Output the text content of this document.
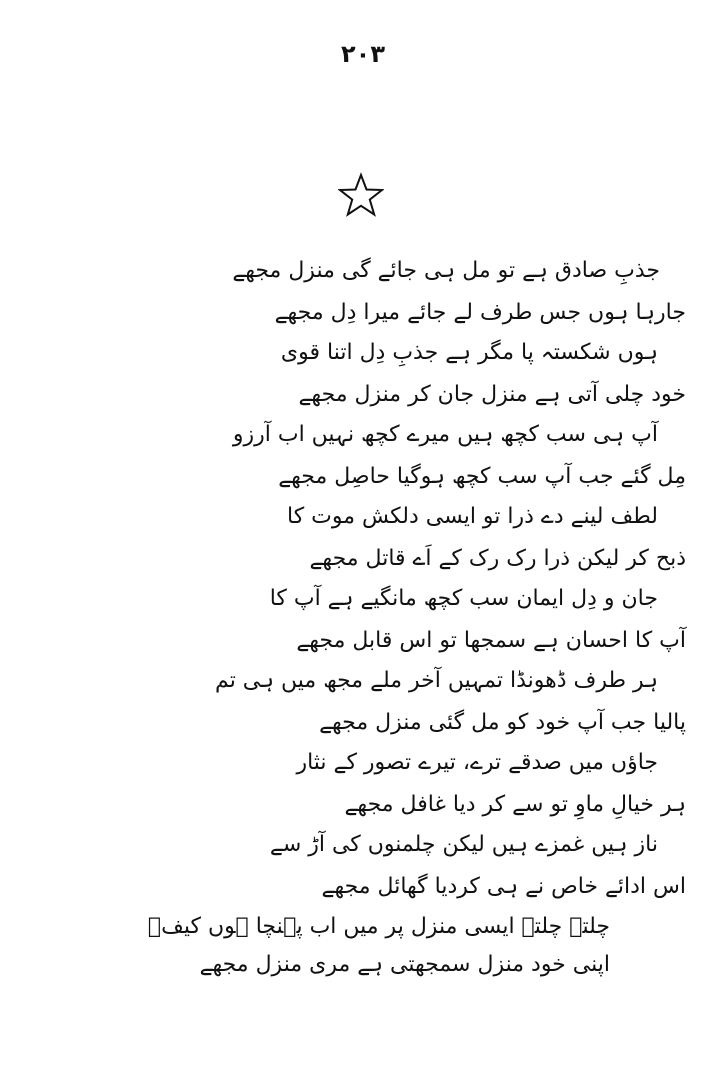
۲۰۳
جذبِ صادق ہے تو مل ہی جائے گی منزل مجھے
جارہا ہوں جس طرف لے جائے میرا دِل مجھے
ہوں شکستہ پا مگر ہے جذبِ دِل اتنا قوی
خود چلی آتی ہے منزل جان کر منزل مجھے
آپ ہی سب کچھ ہیں میرے کچھ نہیں اب آرزو
مِل گئے جب آپ سب کچھ ہوگیا حاصِل مجھے
لطف لینے دے ذرا تو ایسی دلکش موت کا
ذبح کر لیکن ذرا رک رک کے اَے قاتل مجھے
جان و دِل ایمان سب کچھ مانگیے ہے آپ کا
آپ کا احسان ہے سمجھا تو اس قابل مجھے
ہر طرف ڈھونڈا تمہیں آخر ملے مجھ میں ہی تم
پالیا جب آپ خود کو مل گئی منزل مجھے
جاؤں میں صدقے ترے، تیرے تصور کے نثار
ہر خیالِ ماوِ تو سے کر دیا غافل مجھے
ناز ہیں غمزے ہیں لیکن چلمنوں کی آڑ سے
اس ادائے خاص نے ہی کردیا گھائل مجھے
چلتے چلتے ایسی منزل پر میں اب پہنچا ہوں کیفؔ
اپنی خود منزل سمجھتی ہے مری منزل مجھے
